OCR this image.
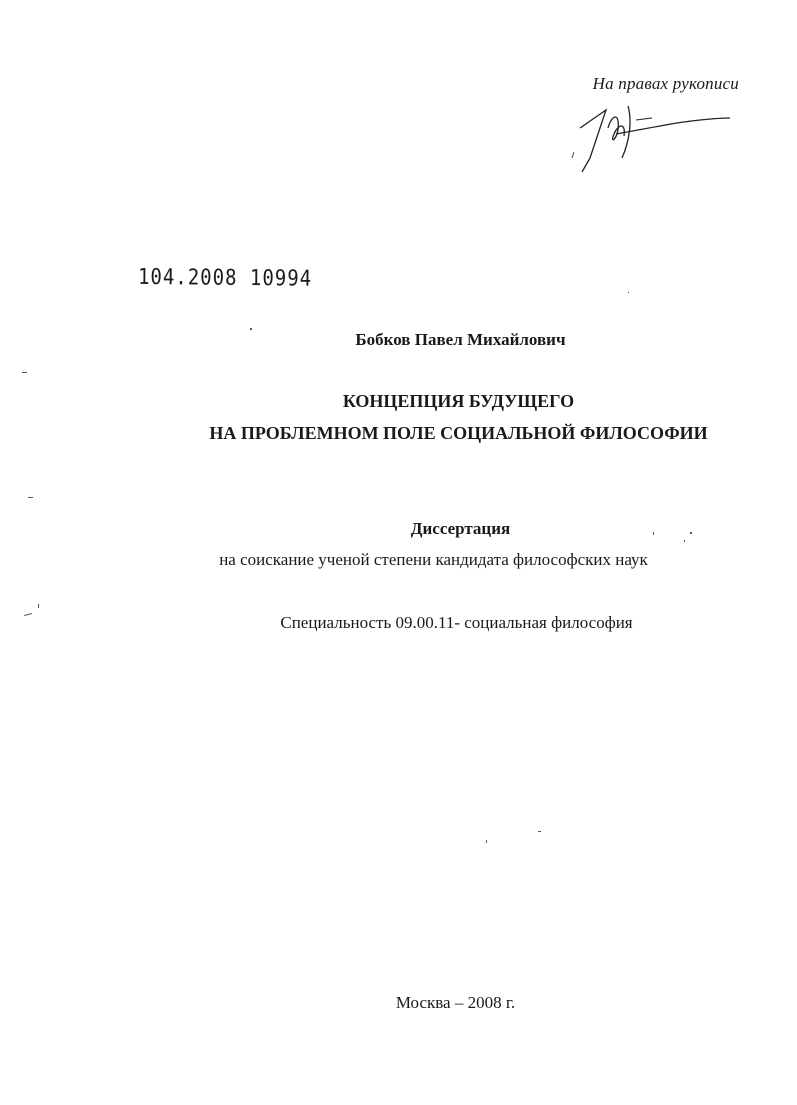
На правах рукописи
104.2008 10994
Бобков Павел Михайлович
КОНЦЕПЦИЯ БУДУЩЕГО
НА ПРОБЛЕМНОМ ПОЛЕ СОЦИАЛЬНОЙ ФИЛОСОФИИ
Диссертация
на соискание ученой степени кандидата философских наук
Специальность 09.00.11- социальная философия
Москва – 2008 г.
